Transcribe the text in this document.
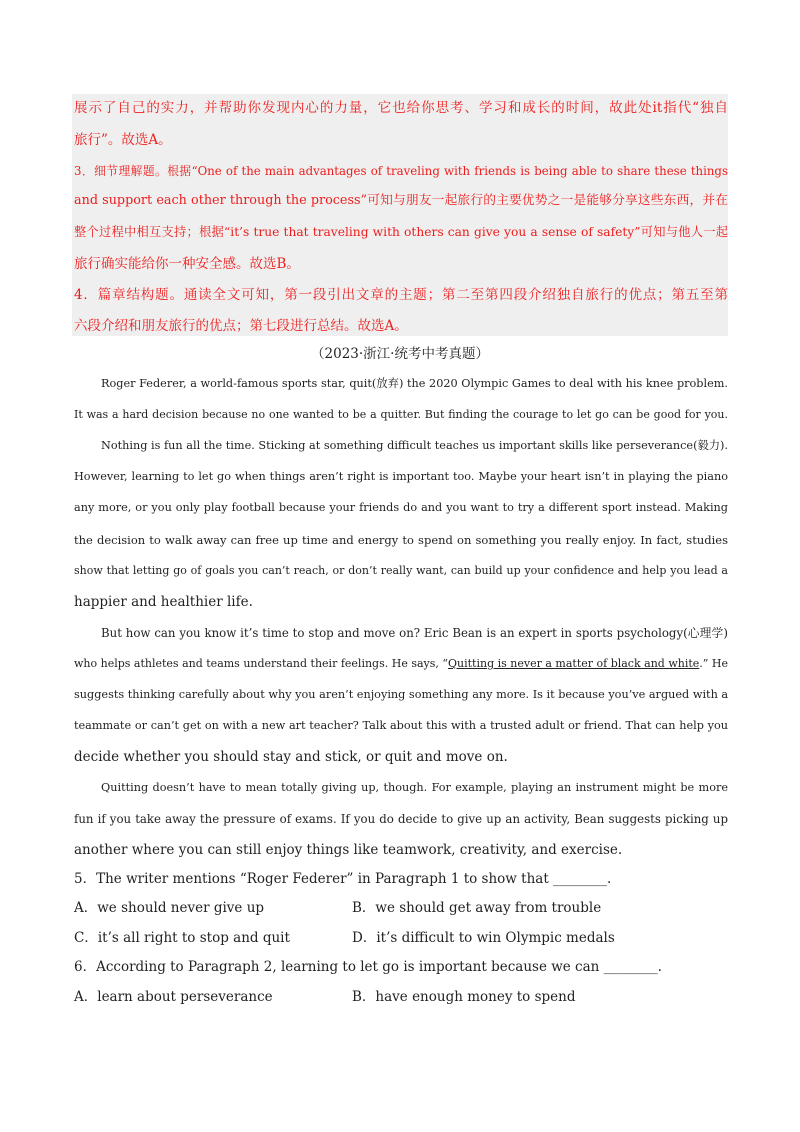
展示了自己的实力，并帮助你发现内心的力量，它也给你思考、学习和成长的时间，故此处it指代“独自
旅行”。故选A。
3．细节理解题。根据“One of the main advantages of traveling with friends is being able to share these things
and support each other through the process”可知与朋友一起旅行的主要优势之一是能够分享这些东西，并在
整个过程中相互支持；根据“it’s true that traveling with others can give you a sense of safety”可知与他人一起
旅行确实能给你一种安全感。故选B。
4．篇章结构题。通读全文可知，第一段引出文章的主题；第二至第四段介绍独自旅行的优点；第五至第
六段介绍和朋友旅行的优点；第七段进行总结。故选A。
（2023·浙江·统考中考真题）
Roger Federer, a world-famous sports star, quit(放弃) the 2020 Olympic Games to deal with his knee problem.
It was a hard decision because no one wanted to be a quitter. But finding the courage to let go can be good for you.
Nothing is fun all the time. Sticking at something difficult teaches us important skills like perseverance(毅力).
However, learning to let go when things aren’t right is important too. Maybe your heart isn’t in playing the piano
any more, or you only play football because your friends do and you want to try a different sport instead. Making
the decision to walk away can free up time and energy to spend on something you really enjoy. In fact, studies
show that letting go of goals you can’t reach, or don’t really want, can build up your confidence and help you lead a
happier and healthier life.
But how can you know it’s time to stop and move on? Eric Bean is an expert in sports psychology(心理学)
who helps athletes and teams understand their feelings. He says, “Quitting is never a matter of black and white.” He
suggests thinking carefully about why you aren’t enjoying something any more. Is it because you’ve argued with a
teammate or can’t get on with a new art teacher? Talk about this with a trusted adult or friend. That can help you
decide whether you should stay and stick, or quit and move on.
Quitting doesn’t have to mean totally giving up, though. For example, playing an instrument might be more
fun if you take away the pressure of exams. If you do decide to give up an activity, Bean suggests picking up
another where you can still enjoy things like teamwork, creativity, and exercise.
5．The writer mentions “Roger Federer” in Paragraph 1 to show that ________.
A．we should never give up	B．we should get away from trouble
C．it’s all right to stop and quit	D．it’s difficult to win Olympic medals
6．According to Paragraph 2, learning to let go is important because we can ________.
A．learn about perseverance	B．have enough money to spend
